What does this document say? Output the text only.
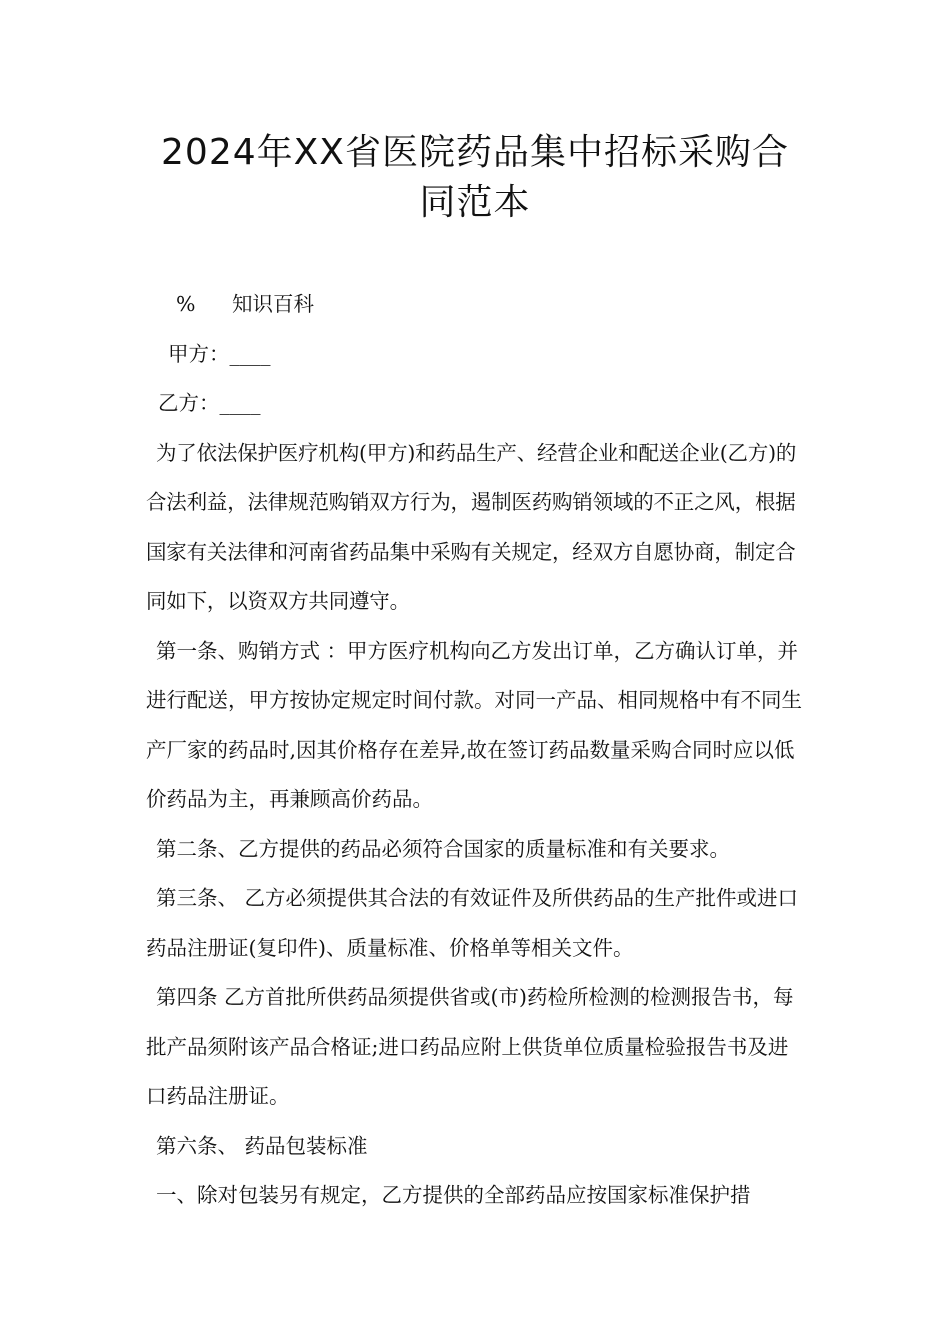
2024年XX省医院药品集中招标采购合
同范本

% 知识百科

甲方：____

乙方：____

为了依法保护医疗机构(甲方)和药品生产、经营企业和配送企业(乙方)的合法利益，法律规范购销双方行为，遏制医药购销领域的不正之风，根据国家有关法律和河南省药品集中采购有关规定，经双方自愿协商，制定合同如下，以资双方共同遵守。

第一条、购销方式 ：甲方医疗机构向乙方发出订单，乙方确认订单，并进行配送，甲方按协定规定时间付款。对同一产品、相同规格中有不同生产厂家的药品时,因其价格存在差异,故在签订药品数量采购合同时应以低价药品为主，再兼顾高价药品。

第二条、乙方提供的药品必须符合国家的质量标准和有关要求。

第三条、 乙方必须提供其合法的有效证件及所供药品的生产批件或进口药品注册证(复印件)、质量标准、价格单等相关文件。

第四条 乙方首批所供药品须提供省或(市)药检所检测的检测报告书，每批产品须附该产品合格证;进口药品应附上供货单位质量检验报告书及进口药品注册证。

第六条、 药品包装标准

一、除对包装另有规定，乙方提供的全部药品应按国家标准保护措
